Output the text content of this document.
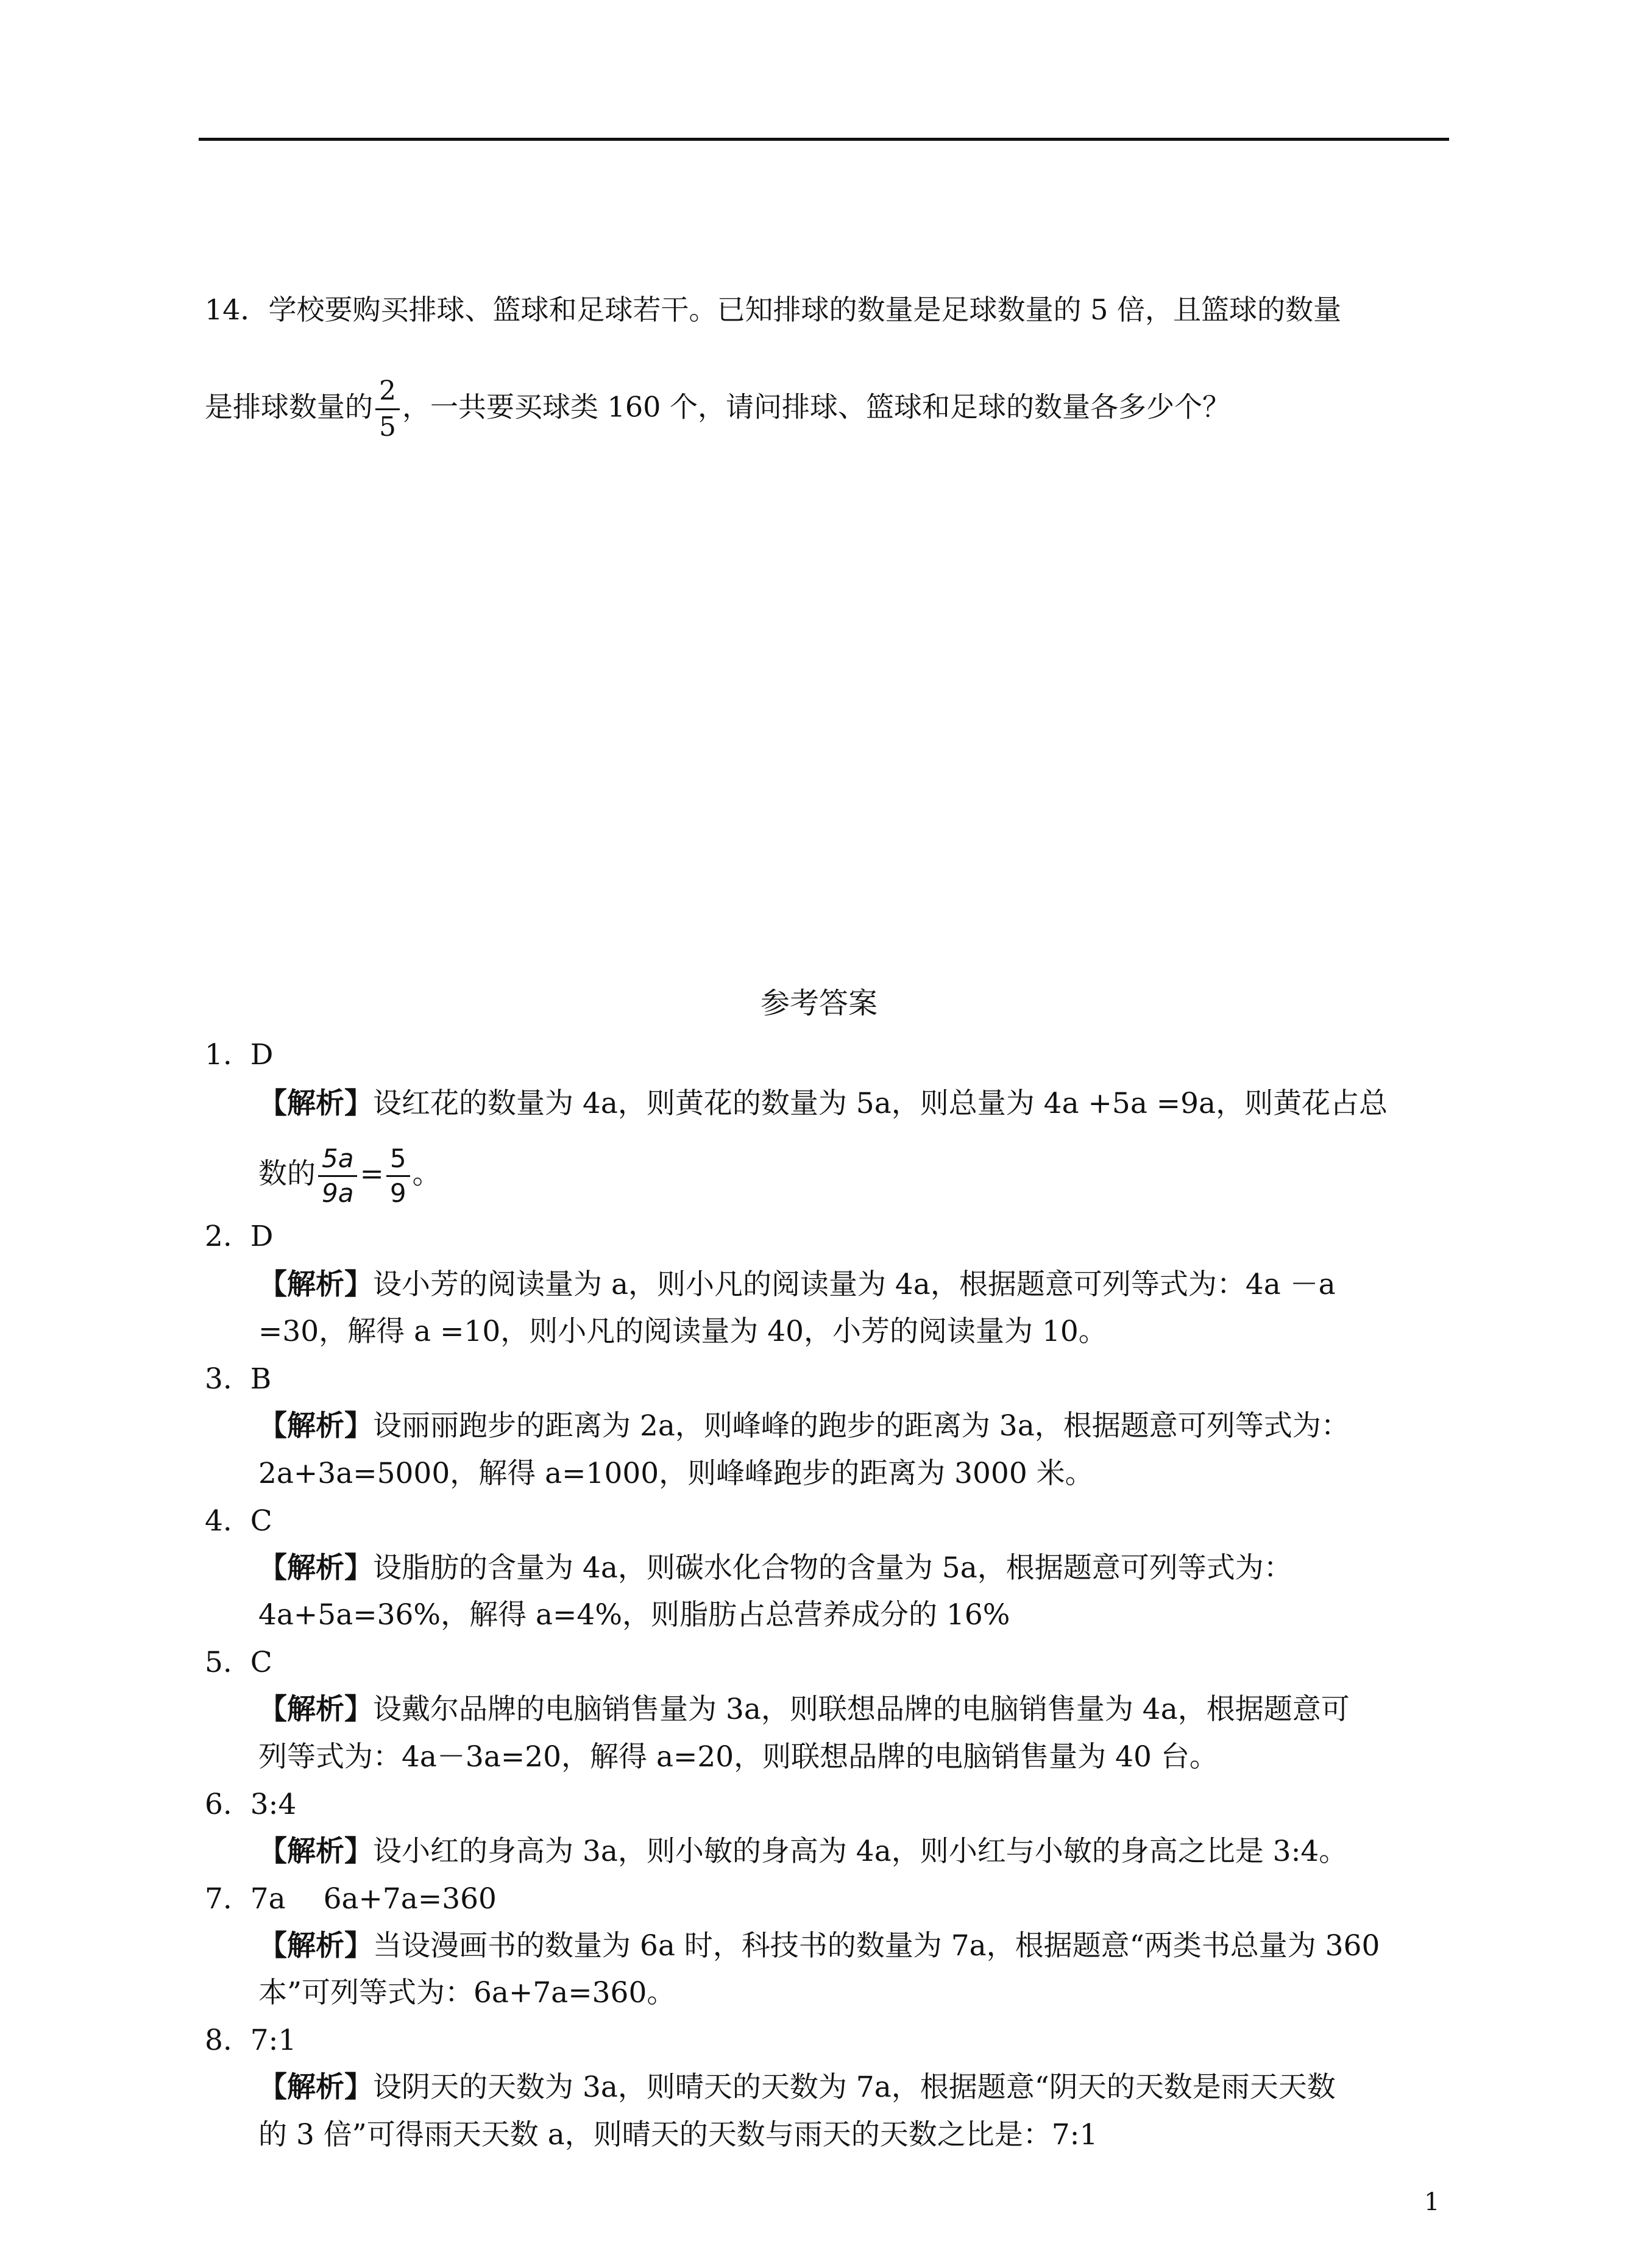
14．学校要购买排球、篮球和足球若干。已知排球的数量是足球数量的 5 倍，且篮球的数量
是排球数量的 $\frac{2}{5}$ ，一共要买球类 160 个，请问排球、篮球和足球的数量各多少个？
参考答案
1. D
【解析】设红花的数量为 4a，则黄花的数量为 5a，则总量为 4a +5a =9a，则黄花占总
数的 $\frac{5a}{9a} = \frac{5}{9}$ 。
2. D
【解析】设小芳的阅读量为 a，则小凡的阅读量为 4a，根据题意可列等式为：4a －a
=30，解得 a =10，则小凡的阅读量为 40，小芳的阅读量为 10。
3. B
【解析】设丽丽跑步的距离为 2a，则峰峰的跑步的距离为 3a，根据题意可列等式为：
2a+3a=5000，解得 a=1000，则峰峰跑步的距离为 3000 米。
4. C
【解析】设脂肪的含量为 4a，则碳水化合物的含量为 5a，根据题意可列等式为：
4a+5a=36%，解得 a=4%，则脂肪占总营养成分的 16%
5. C
【解析】设戴尔品牌的电脑销售量为 3a，则联想品牌的电脑销售量为 4a，根据题意可
列等式为：4a－3a=20，解得 a=20，则联想品牌的电脑销售量为 40 台。
6. 3:4
【解析】设小红的身高为 3a，则小敏的身高为 4a，则小红与小敏的身高之比是 3:4。
7. 7a　 6a+7a=360
【解析】当设漫画书的数量为 6a 时，科技书的数量为 7a，根据题意“两类书总量为 360
本”可列等式为：6a+7a=360。
8. 7:1
【解析】设阴天的天数为 3a，则晴天的天数为 7a，根据题意“阴天的天数是雨天天数
的 3 倍”可得雨天天数 a，则晴天的天数与雨天的天数之比是：7:1
1
